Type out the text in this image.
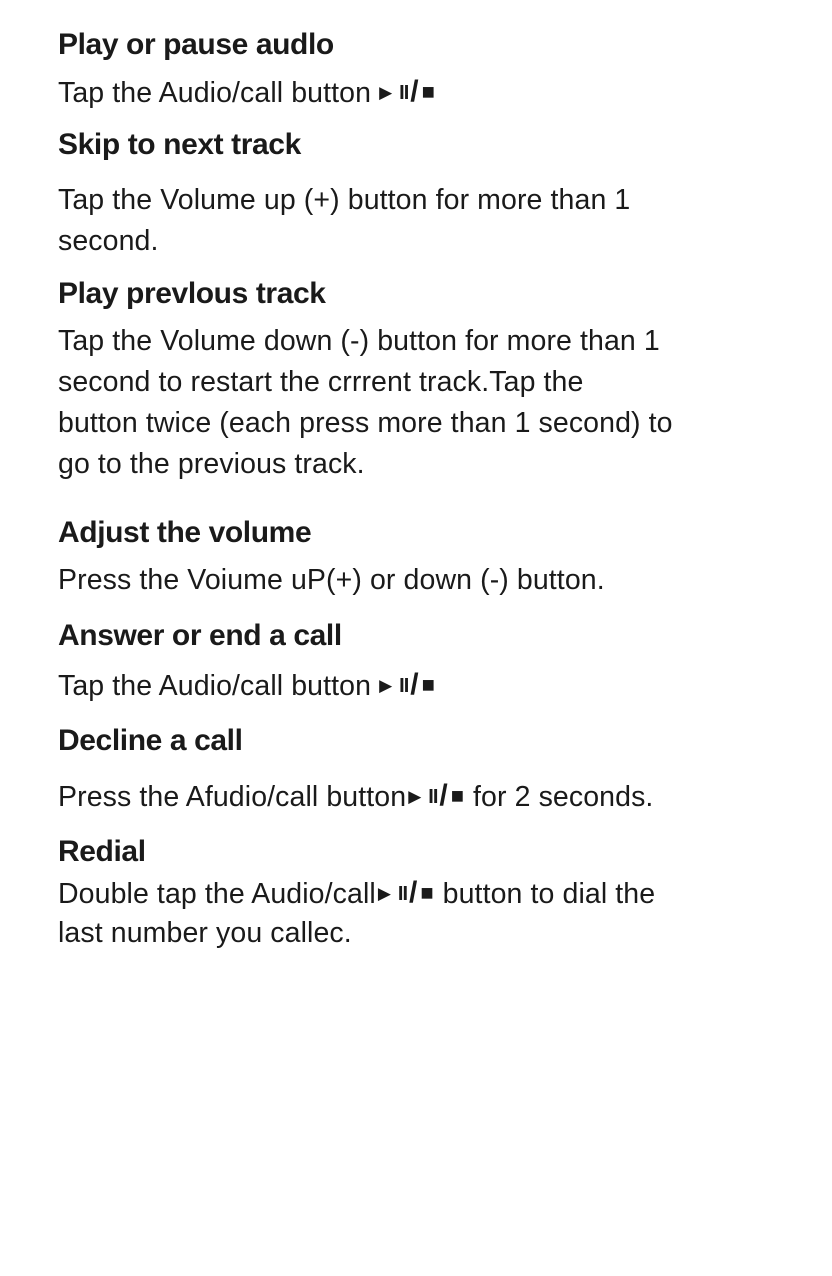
Play or pause audlo
Tap the Audio/call button ▶ II/■
Skip to next track
Tap the Volume up (+) button for more than 1
second.
Play prevlous track
Tap the Volume down (-) button for more than 1
second to restart the crrrent track.Tap the
button twice (each press more than 1 second) to
go to the previous track.
Adjust the volume
Press the Voiume uP(+) or down (-) button.
Answer or end a call
Tap the Audio/call button ▶ II/■
Decline a call
Press the Afudio/call button ▶ II/■ for 2 seconds.
Redial
Double tap the Audio/call ▶ II/■ button to dial the
last number you callec.
